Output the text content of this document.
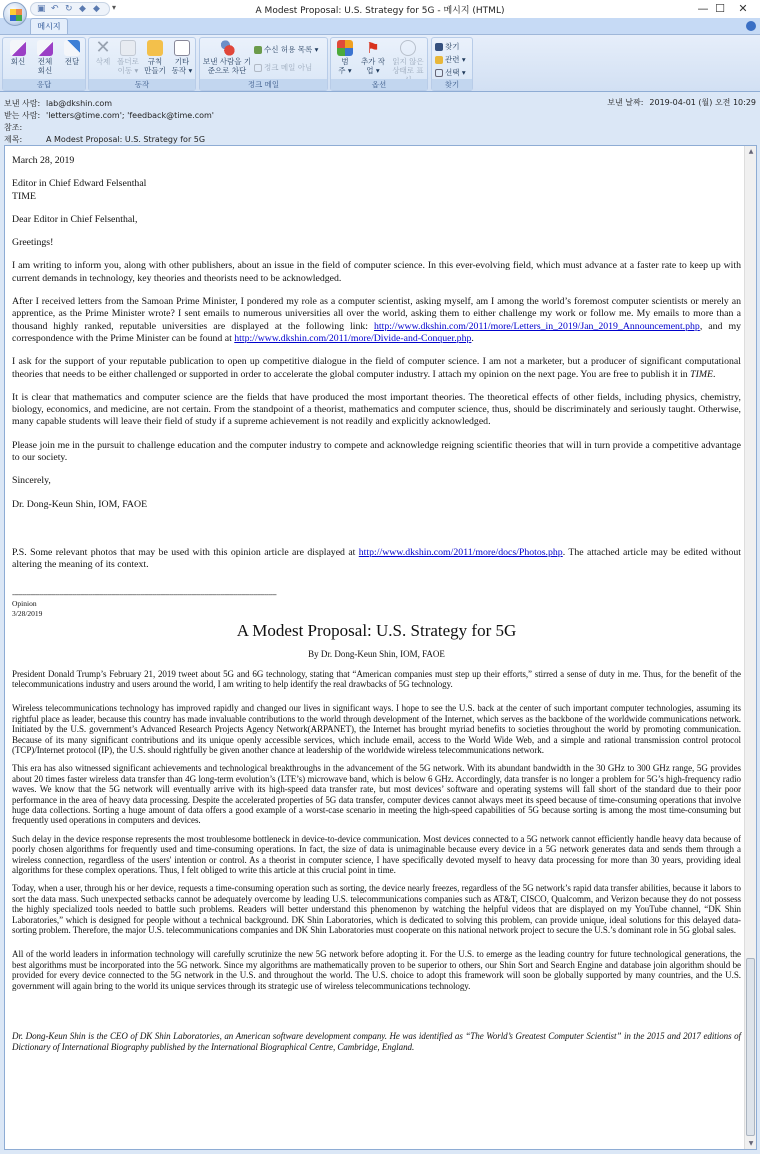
▣ ↶ ↻ ◆ ◆ ▾	A Modest Proposal: U.S. Strategy for 5G - 메시지 (HTML)	— ☐	✕
메시지
회신	전체 회신
전달
응답
✕
삭제 폴더로 이동 ▾
규칙 만들기
기타 동작 ▾
동작
보낸 사람을 기준으로 차단
수신 허용 목록 ▾
정크 메일 아님
정크 메일
범주 ▾
⚑
추가 작업 ▾
읽지 않은 상태로 표
옵션
찾기
관련 ▾
선택 ▾
찾기
보낸 사람: lab@dkshin.com
받는 사람: 'letters@time.com'; 'feedback@time.com'
참조:
제목:	A Modest Proposal: U.S. Strategy for 5G
보낸 날짜: 2019-04-01 (월) 오전 10:29

March 28, 2019

Editor in Chief Edward Felsenthal
TIME

Dear Editor in Chief Felsenthal,

Greetings!

I am writing to inform you, along with other publishers, about an issue in the field of computer science. In this ever-evolving field, which must advance at a faster rate to keep up with current demands in technology, key theories and theorists need to be acknowledged.

After I received letters from the Samoan Prime Minister, I pondered my role as a computer scientist, asking myself, am I among the world’s foremost computer scientists or merely an apprentice, as the Prime Minister wrote? I sent emails to numerous universities all over the world, asking them to either challenge my work or follow me. My emails to more than a thousand highly ranked, reputable universities are displayed at the following link: http://www.dkshin.com/2011/more/Letters_in_2019/Jan_2019_Announcement.php, and my correspondence with the Prime Minister can be found at http://www.dkshin.com/2011/more/Divide-and-Conquer.php.

I ask for the support of your reputable publication to open up competitive dialogue in the field of computer science. I am not a marketer, but a producer of significant computational theories that needs to be either challenged or supported in order to accelerate the global computer industry. I attach my opinion on the next page. You are free to publish it in TIME.

It is clear that mathematics and computer science are the fields that have produced the most important theories. The theoretical effects of other fields, including physics, chemistry, biology, economics, and medicine, are not certain. From the standpoint of a theorist, mathematics and computer science, thus, should be discriminately and seriously taught. Otherwise, many capable students will leave their field of study if a supreme achievement is not readily and explicitly acknowledged.

Please join me in the pursuit to challenge education and the computer industry to compete and acknowledge reigning scientific theories that will in turn provide a competitive advantage to our society.

Sincerely,

Dr. Dong-Keun Shin, IOM, FAOE

P.S. Some relevant photos that may be used with this opinion article are displayed at http://www.dkshin.com/2011/more/docs/Photos.php. The attached article may be edited without altering the meaning of its context.

--------------------------------------------------------------------------------------------------------------------------------
Opinion
3/28/2019
A Modest Proposal: U.S. Strategy for 5G
By Dr. Dong-Keun Shin, IOM, FAOE

President Donald Trump’s February 21, 2019 tweet about 5G and 6G technology, stating that “American companies must step up their efforts,” stirred a sense of duty in me. Thus, for the benefit of the telecommunications industry and users around the world, I am writing to help identify the real drawbacks of 5G technology.

Wireless telecommunications technology has improved rapidly and changed our lives in significant ways. I hope to see the U.S. back at the center of such important computer technologies, assuming its rightful place as leader, because this country has made invaluable contributions to the world through development of the Internet, which serves as the backbone of the worldwide communications network. Initiated by the U.S. government’s Advanced Research Projects Agency Network(ARPANET), the Internet has brought myriad benefits to societies throughout the world by promoting communication. Because of its many significant contributions and its unique openly accessible services, which include email, access to the World Wide Web, and a simple and rational transmission control protocol (TCP)/Internet protocol (IP), the U.S. should rightfully be given another chance at leadership of the worldwide wireless telecommunications network.

This era has also witnessed significant achievements and technological breakthroughs in the advancement of the 5G network. With its abundant bandwidth in the 30 GHz to 300 GHz range, 5G provides about 20 times faster wireless data transfer than 4G long-term evolution’s (LTE’s) microwave band, which is below 6 GHz. Accordingly, data transfer is no longer a problem for 5G’s high-frequency radio waves. We know that the 5G network will eventually arrive with its high-speed data transfer rate, but most devices’ software and operating systems will fall short of the standard due to their poor performance in the area of heavy data processing. Despite the accelerated properties of 5G data transfer, computer devices cannot always meet its speed because of time-consuming operations that involve huge data collections. Sorting a huge amount of data offers a good example of a worst-case scenario in meeting the high-speed capabilities of 5G because sorting is among the most time-consuming but frequently used operations in computers and devices.

Such delay in the device response represents the most troublesome bottleneck in device-to-device communication. Most devices connected to a 5G network cannot efficiently handle heavy data because of poorly chosen algorithms for frequently used and time-consuming operations. In fact, the size of data is unimaginable because every device in a 5G network generates data and sends them through a wireless connection, regardless of the users' intention or control. As a theorist in computer science, I have specifically devoted myself to heavy data processing for more than 30 years, providing ideal algorithms for these complex operations. Thus, I felt obliged to write this article at this crucial point in time.

Today, when a user, through his or her device, requests a time-consuming operation such as sorting, the device nearly freezes, regardless of the 5G network’s rapid data transfer abilities, because it labors to sort the data mass. Such unexpected setbacks cannot be adequately overcome by leading U.S. telecommunications companies such as AT&T, CISCO, Qualcomm, and Verizon because they do not possess the highly specialized tools needed to battle such problems. Readers will better understand this phenomenon by watching the helpful videos that are displayed on my YouTube channel, “DK Shin Laboratories,” which is designed for people without a technical background. DK Shin Laboratories, which is dedicated to solving this problem, can provide unique, ideal solutions for this delayed data-sorting problem. Therefore, the major U.S. telecommunications companies and DK Shin Laboratories must cooperate on this national network project to secure the U.S.’s dominant role in 5G global sales.

All of the world leaders in information technology will carefully scrutinize the new 5G network before adopting it. For the U.S. to emerge as the leading country for future technological generations, the best algorithms must be incorporated into the 5G network. Since my algorithms are mathematically proven to be superior to others, our Shin Sort and Search Engine and database join algorithm should be provided for every device connected to the 5G network in the U.S. and throughout the world. The U.S. choice to adopt this framework will soon be globally supported by many countries, and the U.S. government will again bring to the world its unique services through its strategic use of wireless telecommunications technology.

Dr. Dong-Keun Shin is the CEO of DK Shin Laboratories, an American software development company. He was identified as “The World’s Greatest Computer Scientist” in the 2015 and 2017 editions of Dictionary of International Biography published by the International Biographical Centre, Cambridge, England.

▲
▼
